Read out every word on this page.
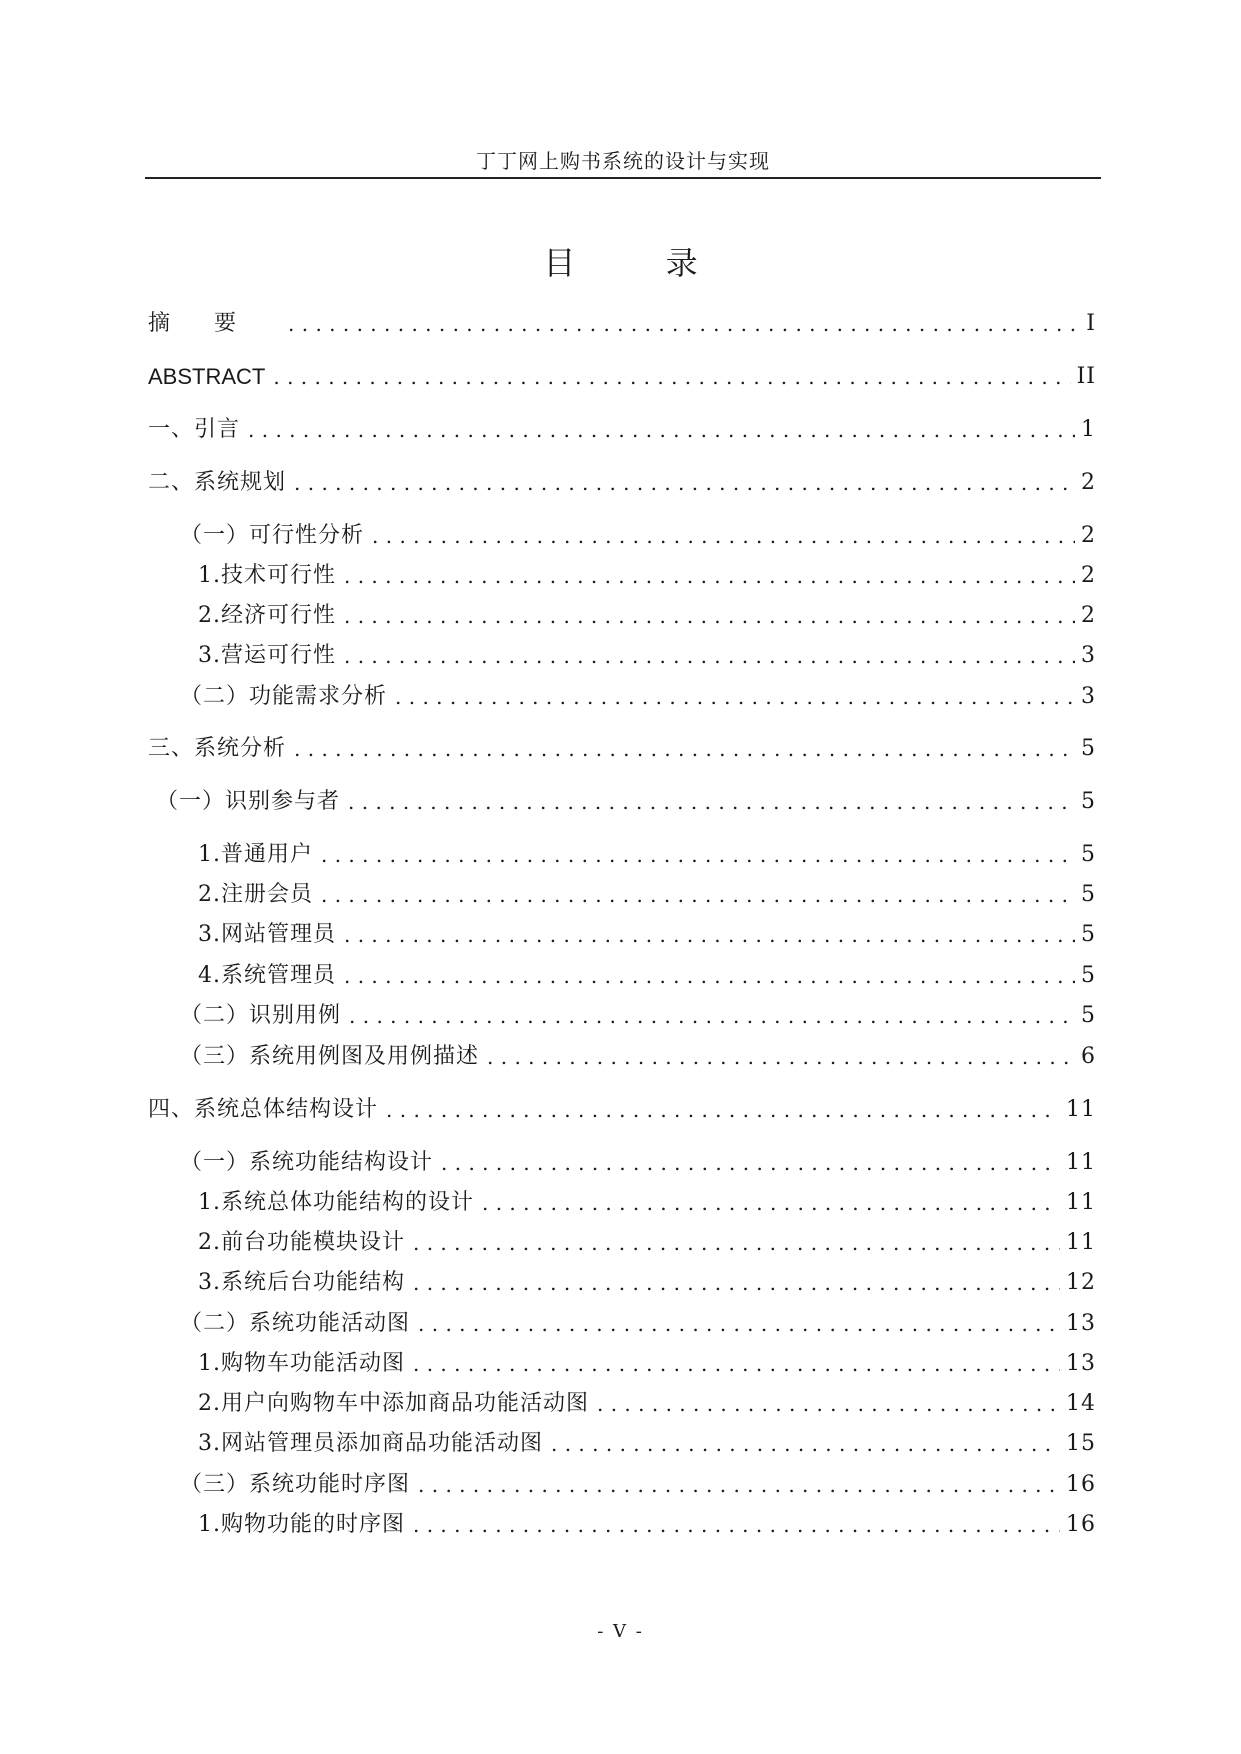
丁丁网上购书系统的设计与实现
目 录
摘要 . . .	I
ABSTRACT . . .	II
一、引言 . . .	1
二、系统规划 . . .	2
（一）可行性分析 . . .	2
1.技术可行性 . . .	2
2.经济可行性 . . .	2
3.营运可行性 . . .	3
（二）功能需求分析 . . .	3
三、系统分析 . . .	5
（一）识别参与者 . . .	5
1.普通用户 . . .	5
2.注册会员 . . .	5
3.网站管理员 . . .	5
4.系统管理员 . . .	5
（二）识别用例 . . .	5
（三）系统用例图及用例描述 . . .	6
四、系统总体结构设计 . . .	11
（一）系统功能结构设计 . . .	11
1.系统总体功能结构的设计 . . .	11
2.前台功能模块设计 . . .	11
3.系统后台功能结构 . . .	12
（二）系统功能活动图 . . .	13
1.购物车功能活动图 . . .	13
2.用户向购物车中添加商品功能活动图 . . .	14
3.网站管理员添加商品功能活动图 . . .	15
（三）系统功能时序图 . . .	16
1.购物功能的时序图 . . .	16
- V -
